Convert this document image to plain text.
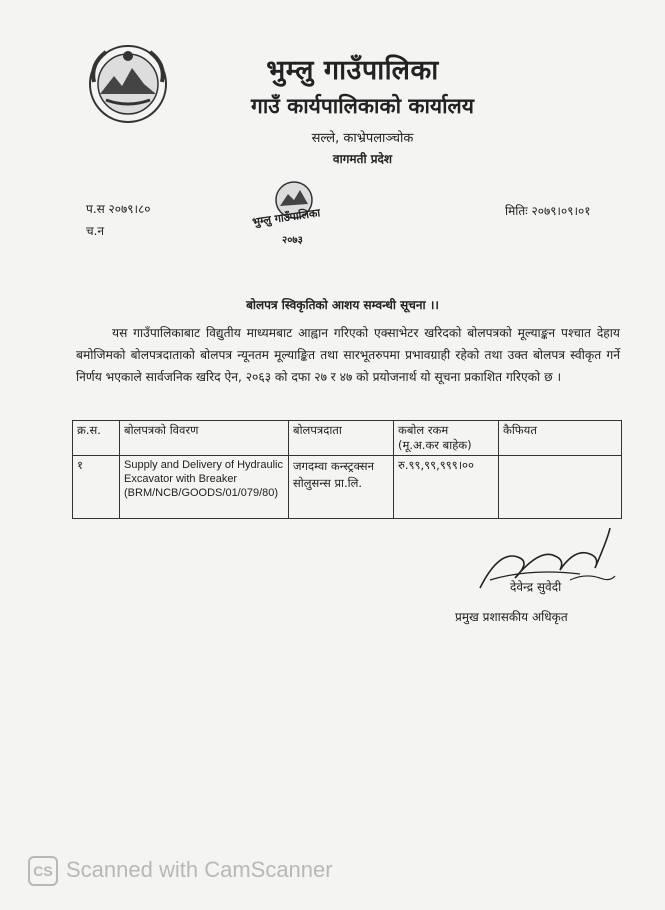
भुम्लु गाउँपालिका
गाउँ कार्यपालिकाको कार्यालय
सल्ले, काभ्रेपलाञ्चोक
वागमती प्रदेश
प.स २०७९।८०
च.न
मितिः २०७९।०९।०१
भुम्लु गाउँपालिका
२०७३
बोलपत्र स्विकृतिको आशय सम्वन्धी सूचना ।।
यस गाउँपालिकाबाट विद्युतीय माध्यमबाट आह्वान गरिएको एक्साभेटर खरिदको बोलपत्रको मूल्याङ्कन पश्चात देहाय बमोजिमको बोलपत्रदाताको बोलपत्र न्यूनतम मूल्याङ्कित तथा सारभूतरुपमा प्रभावग्राही रहेको तथा उक्त बोलपत्र स्वीकृत गर्ने निर्णय भएकाले सार्वजनिक खरिद ऐन, २०६३ को दफा २७ र ४७ को प्रयोजनार्थ यो सूचना प्रकाशित गरिएको छ ।
क्र.स.	बोलपत्रको विवरण	बोलपत्रदाता	कबोल रकम
(मू.अ.कर बाहेक)	कैफियत
१	Supply and Delivery of Hydraulic Excavator with Breaker (BRM/NCB/GOODS/01/079/80)	जगदम्वा कन्स्ट्रक्सन सोलुसन्स प्रा.लि.	रु.९९,९९,९९९।००	
देवेन्द्र सुवेदी
प्रमुख प्रशासकीय अधिकृत
CS Scanned with CamScanner
